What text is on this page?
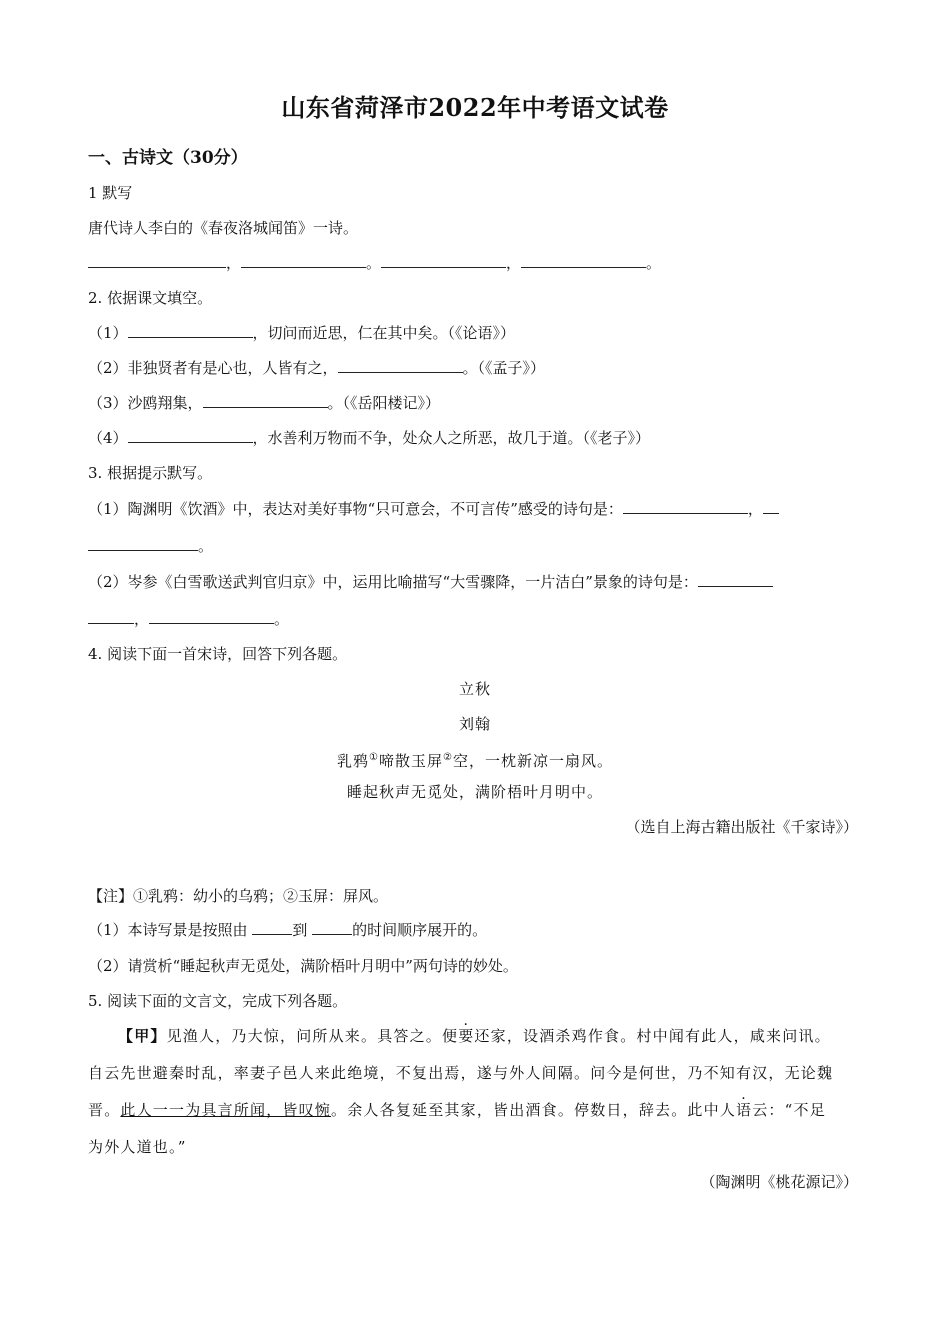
山东省菏泽市2022年中考语文试卷
一、古诗文（30分）
1 默写
唐代诗人李白的《春夜洛城闻笛》一诗。
，	。	，	。
2. 依据课文填空。
（1）	，切问而近思，仁在其中矣。（《论语》）
（2）非独贤者有是心也，人皆有之，	。（《孟子》）
（3）沙鸥翔集，	。（《岳阳楼记》）
（4）	，水善利万物而不争，处众人之所恶，故几于道。（《老子》）
3. 根据提示默写。
（1）陶渊明《饮酒》中，表达对美好事物“只可意会，不可言传”感受的诗句是：	，
。
（2）岑参《白雪歌送武判官归京》中，运用比喻描写“大雪骤降，一片洁白”景象的诗句是：
，	。
4. 阅读下面一首宋诗，回答下列各题。
立秋
刘翰
乳鸦①啼散玉屏②空，一枕新凉一扇风。
睡起秋声无觅处，满阶梧叶月明中。
（选自上海古籍出版社《千家诗》）
【注】①乳鸦：幼小的乌鸦；②玉屏：屏风。
（1）本诗写景是按照由	到	的时间顺序展开的。
（2）请赏析“睡起秋声无觅处，满阶梧叶月明中”两句诗的妙处。
5. 阅读下面的文言文，完成下列各题。
【甲】见渔人，乃大惊，问所从来。具答之。便要还家，设酒杀鸡作食。村中闻有此人，咸来问讯。
自云先世避秦时乱，率妻子邑人来此绝境，不复出焉，遂与外人间隔。问今是何世，乃不知有汉，无论魏
晋。此人一一为具言所闻，皆叹惋。余人各复延至其家，皆出酒食。停数日，辞去。此中人语云：“不足
为外人道也。”
（陶渊明《桃花源记》）
